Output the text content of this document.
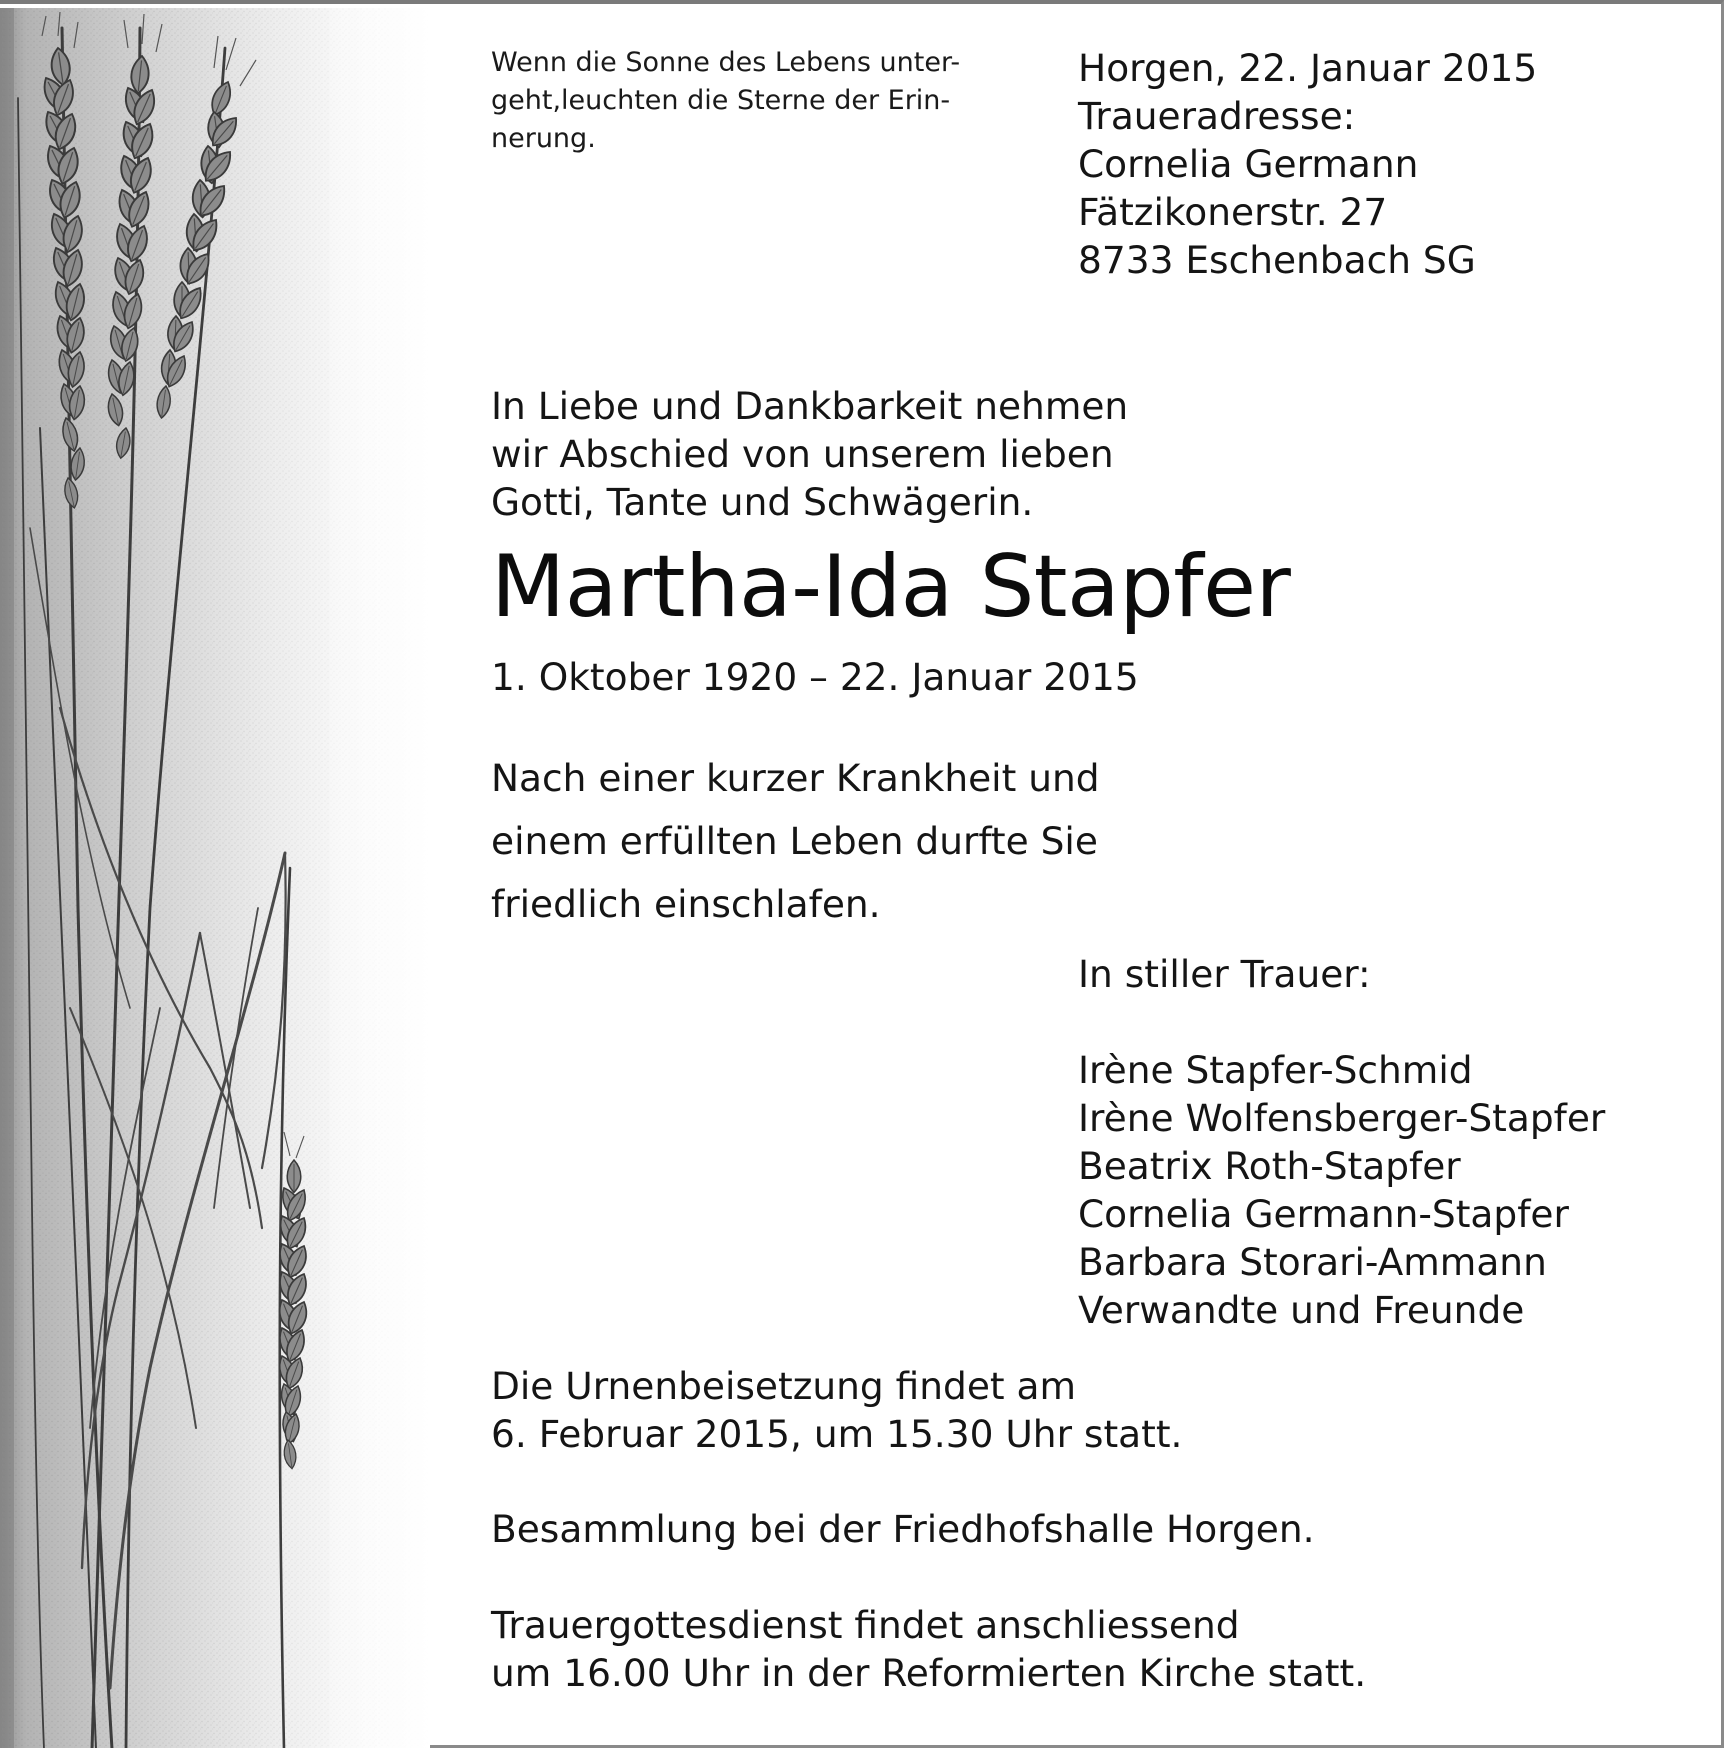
Wenn die Sonne des Lebens unter-
geht,leuchten die Sterne der Erin-
nerung.
Horgen, 22. Januar 2015
Traueradresse:
Cornelia Germann
Fätzikonerstr. 27
8733 Eschenbach SG
In Liebe und Dankbarkeit nehmen
wir Abschied von unserem lieben
Gotti, Tante und Schwägerin.
Martha-Ida Stapfer
1. Oktober 1920 – 22. Januar 2015
Nach einer kurzer Krankheit und
einem erfüllten Leben durfte Sie
friedlich einschlafen.
In stiller Trauer:
Irène Stapfer-Schmid
Irène Wolfensberger-Stapfer
Beatrix Roth-Stapfer
Cornelia Germann-Stapfer
Barbara Storari-Ammann
Verwandte und Freunde
Die Urnenbeisetzung findet am
6. Februar 2015, um 15.30 Uhr statt.
Besammlung bei der Friedhofshalle Horgen.
Trauergottesdienst findet anschliessend
um 16.00 Uhr in der Reformierten Kirche statt.
